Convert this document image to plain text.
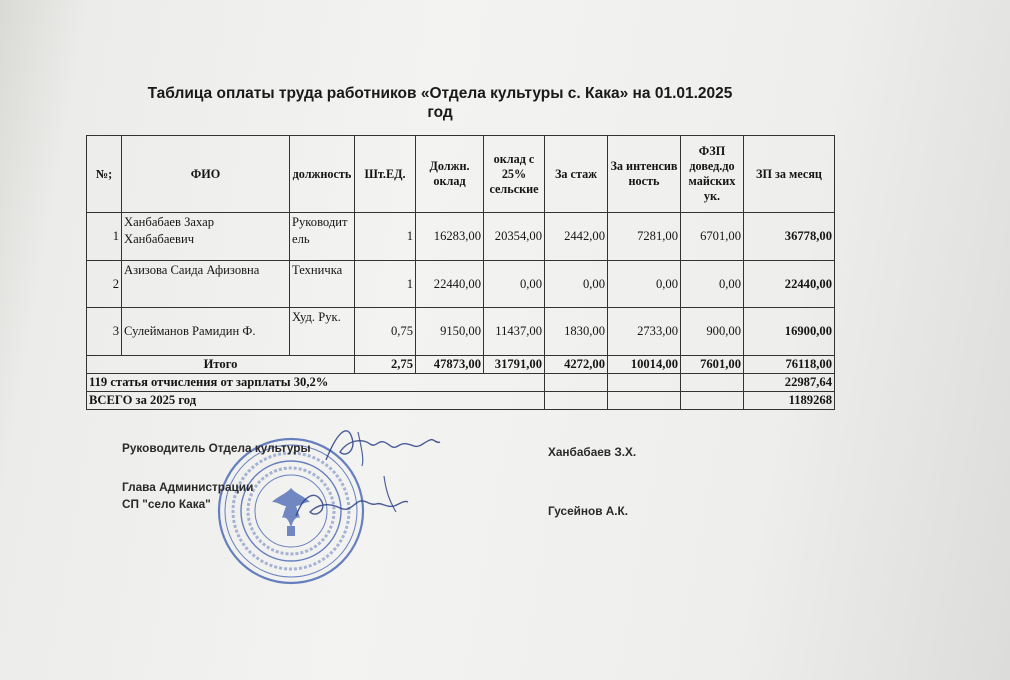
Таблица оплаты труда работников «Отдела культуры с. Кака» на 01.01.2025
год
№;	ФИО	должность	Шт.ЕД.	Должн. оклад	оклад с 25% сельские	За стаж	За интенсивность	ФЗП довед.до майских ук.	ЗП за месяц
1	Ханбабаев Захар Ханбабаевич	Руководитель	1	16283,00	20354,00	2442,00	7281,00	6701,00	36778,00
2	Азизова Саида Афизовна	Техничка	1	22440,00	0,00	0,00	0,00	0,00	22440,00
3	Сулейманов Рамидин Ф.	Худ. Рук.	0,75	9150,00	11437,00	1830,00	2733,00	900,00	16900,00
Итого			2,75	47873,00	31791,00	4272,00	10014,00	7601,00	76118,00
119 статья отчисления от зарплаты 30,2%									22987,64
ВСЕГО за 2025 год									1189268
Руководитель Отдела культуры	Ханбабаев З.Х.
Глава Администрации
СП "село Кака"	Гусейнов А.К.
